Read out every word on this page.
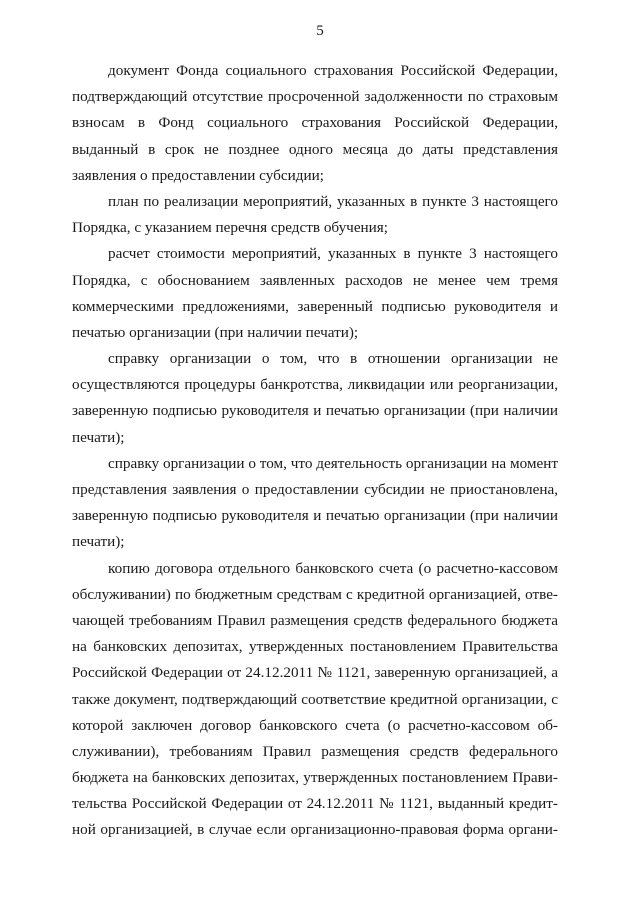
5
документ Фонда социального страхования Российской Федерации,
подтверждающий отсутствие просроченной задолженности по страховым
взносам в Фонд социального страхования Российской Федерации,
выданный в срок не позднее одного месяца до даты представления
заявления о предоставлении субсидии;
план по реализации мероприятий, указанных в пункте 3 настоящего
Порядка, с указанием перечня средств обучения;
расчет стоимости мероприятий, указанных в пункте 3 настоящего
Порядка, с обоснованием заявленных расходов не менее чем тремя
коммерческими предложениями, заверенный подписью руководителя и
печатью организации (при наличии печати);
справку организации о том, что в отношении организации не
осуществляются процедуры банкротства, ликвидации или реорганизации,
заверенную подписью руководителя и печатью организации (при наличии
печати);
справку организации о том, что деятельность организации на момент
представления заявления о предоставлении субсидии не приостановлена,
заверенную подписью руководителя и печатью организации (при наличии
печати);
копию договора отдельного банковского счета (о расчетно-кассовом
обслуживании) по бюджетным средствам с кредитной организацией, отве-
чающей требованиям Правил размещения средств федерального бюджета
на банковских депозитах, утвержденных постановлением Правительства
Российской Федерации от 24.12.2011 № 1121, заверенную организацией, а
также документ, подтверждающий соответствие кредитной организации, с
которой заключен договор банковского счета (о расчетно-кассовом об-
служивании), требованиям Правил размещения средств федерального
бюджета на банковских депозитах, утвержденных постановлением Прави-
тельства Российской Федерации от 24.12.2011 № 1121, выданный кредит-
ной организацией, в случае если организационно-правовая форма органи-
